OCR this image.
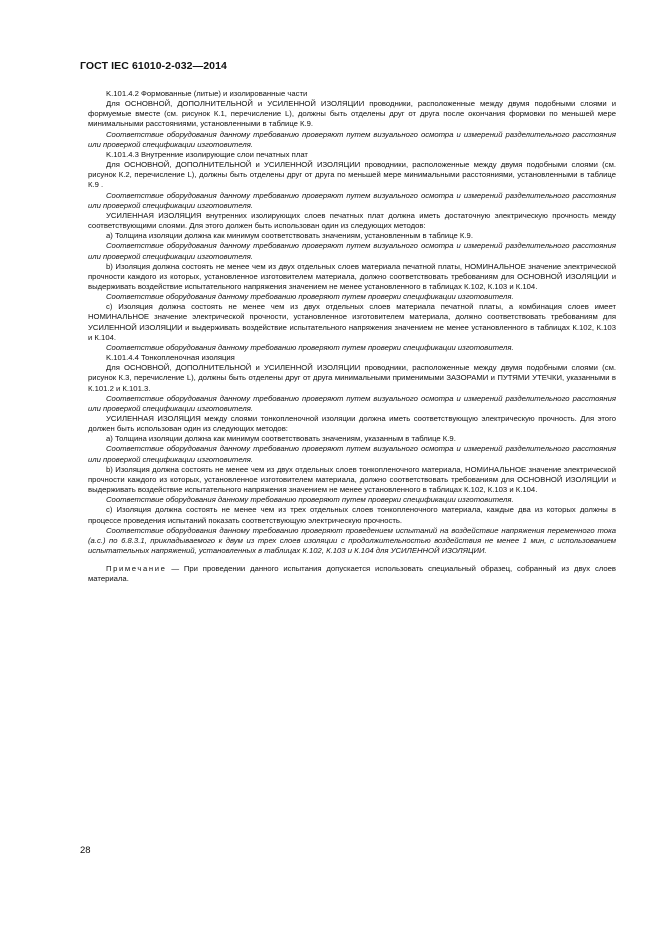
ГОСТ IEC 61010-2-032—2014

K.101.4.2 Формованные (литые) и изолированные части

Для ОСНОВНОЙ, ДОПОЛНИТЕЛЬНОЙ и УСИЛЕННОЙ ИЗОЛЯЦИИ проводники, расположенные между двумя подобными слоями и формуемые вместе (см. рисунок К.1, перечисление L), должны быть отделены друг от друга после окончания формовки по меньшей мере минимальными расстояниями, установленными в таблице К.9.

Соответствие оборудования данному требованию проверяют путем визуального осмотра и измерений разделительного расстояния или проверкой спецификации изготовителя.

K.101.4.3 Внутренние изолирующие слои печатных плат

Для ОСНОВНОЙ, ДОПОЛНИТЕЛЬНОЙ и УСИЛЕННОЙ ИЗОЛЯЦИИ проводники, расположенные между двумя подобными слоями (см. рисунок К.2, перечисление L), должны быть отделены друг от друга по меньшей мере минимальными расстояниями, установленными в таблице К.9 .

Соответствие оборудования данному требованию проверяют путем визуального осмотра и измерений разделительного расстояния или проверкой спецификации изготовителя.

УСИЛЕННАЯ ИЗОЛЯЦИЯ внутренних изолирующих слоев печатных плат должна иметь достаточную электрическую прочность между соответствующими слоями. Для этого должен быть использован один из следующих методов:

а) Толщина изоляции должна как минимум соответствовать значениям, установленным в таблице К.9.

Соответствие оборудования данному требованию проверяют путем визуального осмотра и измерений разделительного расстояния или проверкой спецификации изготовителя.

b) Изоляция должна состоять не менее чем из двух отдельных слоев материала печатной платы, НОМИНАЛЬНОЕ значение электрической прочности каждого из которых, установленное изготовителем материала, должно соответствовать требованиям для ОСНОВНОЙ ИЗОЛЯЦИИ и выдерживать воздействие испытательного напряжения значением не менее установленного в таблицах К.102, К.103 и К.104.

Соответствие оборудования данному требованию проверяют путем проверки спецификации изготовителя.

с) Изоляция должна состоять не менее чем из двух отдельных слоев материала печатной платы, а комбинация слоев имеет НОМИНАЛЬНОЕ значение электрической прочности, установленное изготовителем материала, должно соответствовать требованиям для УСИЛЕННОЙ ИЗОЛЯЦИИ и выдерживать воздействие испытательного напряжения значением не менее установленного в таблицах К.102, К.103 и К.104.

Соответствие оборудования данному требованию проверяют путем проверки спецификации изготовителя.

K.101.4.4 Тонкопленочная изоляция

Для ОСНОВНОЙ, ДОПОЛНИТЕЛЬНОЙ и УСИЛЕННОЙ ИЗОЛЯЦИИ проводники, расположенные между двумя подобными слоями (см. рисунок К.3, перечисление L), должны быть отделены друг от друга минимальными применимыми ЗАЗОРАМИ и ПУТЯМИ УТЕЧКИ, указанными в К.101.2 и К.101.3.

Соответствие оборудования данному требованию проверяют путем визуального осмотра и измерений разделительного расстояния или проверкой спецификации изготовителя.

УСИЛЕННАЯ ИЗОЛЯЦИЯ между слоями тонкопленочной изоляции должна иметь соответствующую электрическую прочность. Для этого должен быть использован один из следующих методов:

а) Толщина изоляции должна как минимум соответствовать значениям, указанным в таблице К.9.

Соответствие оборудования данному требованию проверяют путем визуального осмотра и измерений разделительного расстояния или проверкой спецификации изготовителя.

b) Изоляция должна состоять не менее чем из двух отдельных слоев тонкопленочного материала, НОМИНАЛЬНОЕ значение электрической прочности каждого из которых, установленное изготовителем материала, должно соответствовать требованиям для ОСНОВНОЙ ИЗОЛЯЦИИ и выдерживать воздействие испытательного напряжения значением не менее установленного в таблицах К.102, К.103 и К.104.

Соответствие оборудования данному требованию проверяют путем проверки спецификации изготовителя.

с) Изоляция должна состоять не менее чем из трех отдельных слоев тонкопленочного материала, каждые два из которых должны в процессе проведения испытаний показать соответствующую электрическую прочность.

Соответствие оборудования данному требованию проверяют проведением испытаний на воздействие напряжения переменного тока (а.с.) по 6.8.3.1, прикладываемого к двум из трех слоев изоляции с продолжительностью воздействия не менее 1 мин, с использованием испытательных напряжений, установленных в таблицах К.102, К.103 и К.104 для УСИЛЕННОЙ ИЗОЛЯЦИИ.

Примечание — При проведении данного испытания допускается использовать специальный образец, собранный из двух слоев материала.

28
